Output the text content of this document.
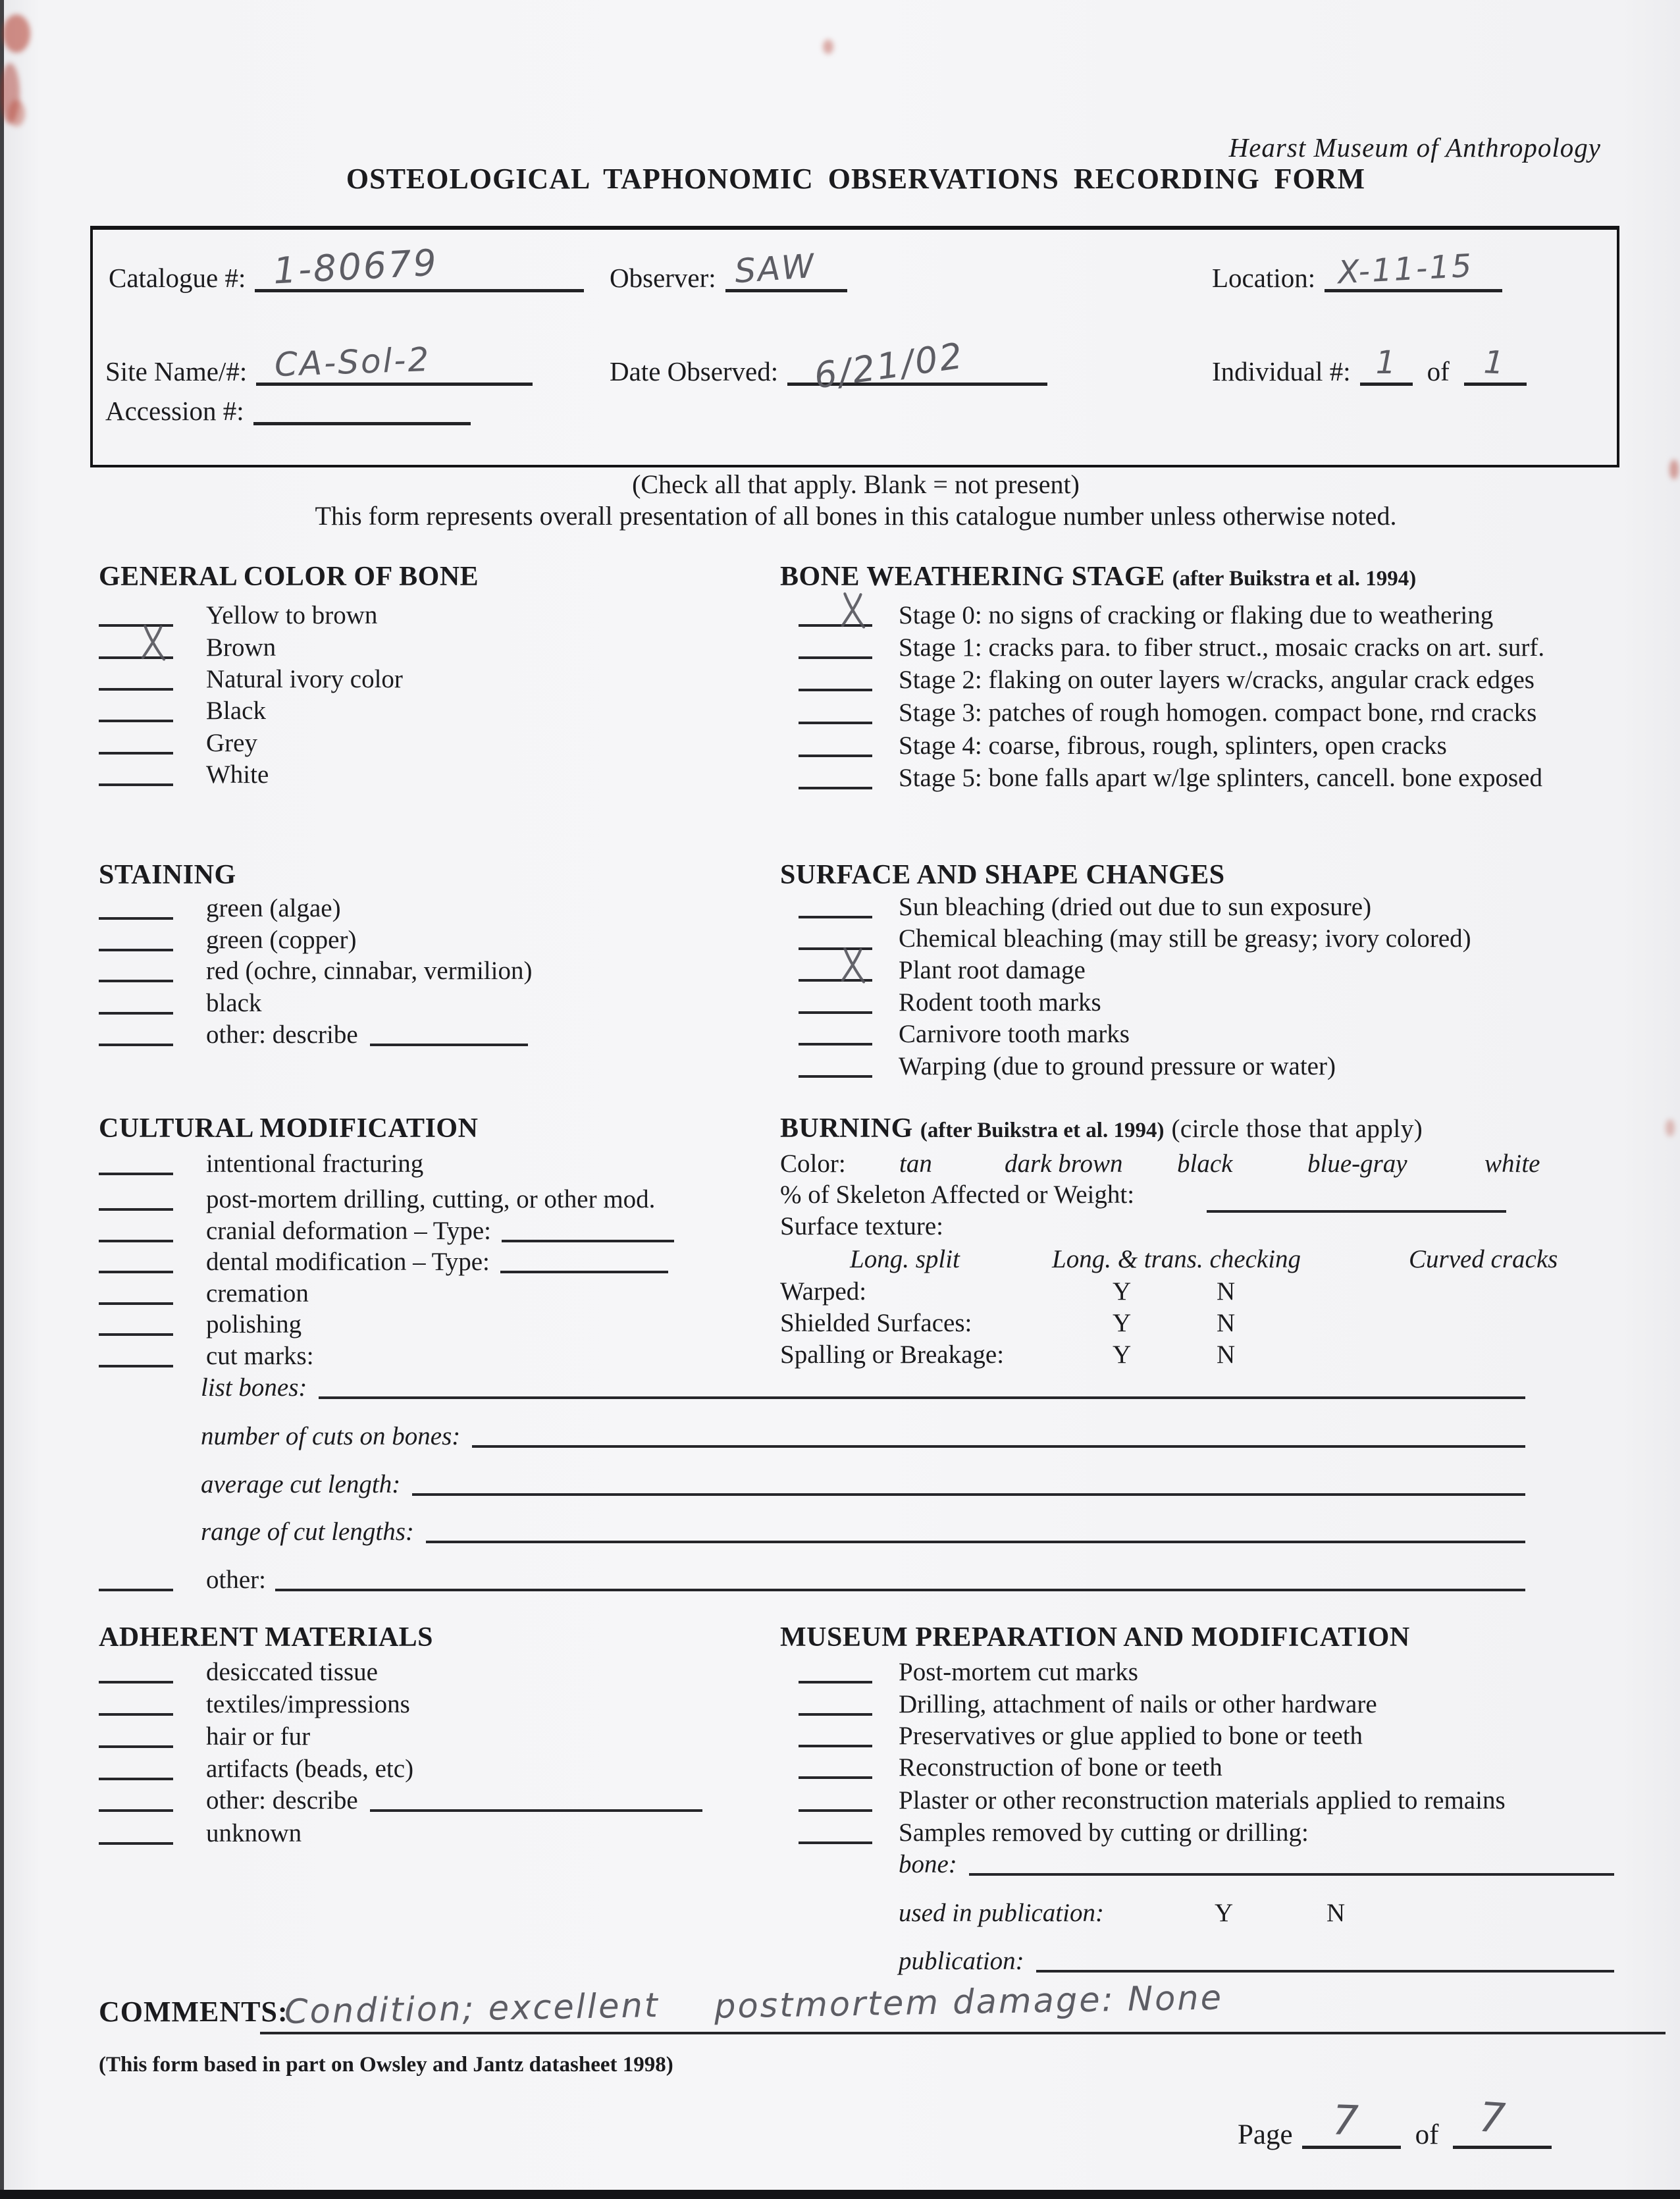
Hearst Museum of Anthropology
OSTEOLOGICAL TAPHONOMIC OBSERVATIONS RECORDING FORM
Catalogue #: 1-80679	Observer: SAW	Location: X-11-15
Site Name/#: CA-Sol-2	Date Observed: 6/21/02	Individual #: 1 of 1
Accession #:
(Check all that apply. Blank = not present)
This form represents overall presentation of all bones in this catalogue number unless otherwise noted.
GENERAL COLOR OF BONE
Yellow to brown
Brown
Natural ivory color
Black
Grey
White
BONE WEATHERING STAGE (after Buikstra et al. 1994)
Stage 0: no signs of cracking or flaking due to weathering
Stage 1: cracks para. to fiber struct., mosaic cracks on art. surf.
Stage 2: flaking on outer layers w/cracks, angular crack edges
Stage 3: patches of rough homogen. compact bone, rnd cracks
Stage 4: coarse, fibrous, rough, splinters, open cracks
Stage 5: bone falls apart w/lge splinters, cancell. bone exposed
STAINING
green (algae)
green (copper)
red (ochre, cinnabar, vermilion)
black
other: describe
SURFACE AND SHAPE CHANGES
Sun bleaching (dried out due to sun exposure)
Chemical bleaching (may still be greasy; ivory colored)
Plant root damage
Rodent tooth marks
Carnivore tooth marks
Warping (due to ground pressure or water)
CULTURAL MODIFICATION
intentional fracturing
post-mortem drilling, cutting, or other mod.
cranial deformation – Type:
dental modification – Type:
cremation
polishing
cut marks:
list bones:
number of cuts on bones:
average cut length:
range of cut lengths:
other:
BURNING (after Buikstra et al. 1994) (circle those that apply)
Color: tan	dark brown black	blue-gray	white
% of Skeleton Affected or Weight:
Surface texture:
Long. split	Long. & trans. checking	Curved cracks
Warped:	Y	N
Shielded Surfaces:	Y	N
Spalling or Breakage:	Y	N
ADHERENT MATERIALS
desiccated tissue
textiles/impressions
hair or fur
artifacts (beads, etc)
other: describe
unknown
MUSEUM PREPARATION AND MODIFICATION
Post-mortem cut marks
Drilling, attachment of nails or other hardware
Preservatives or glue applied to bone or teeth
Reconstruction of bone or teeth
Plaster or other reconstruction materials applied to remains
Samples removed by cutting or drilling:
bone:
used in publication:	Y	N
publication:
COMMENTS:
Condition; excellent postmortem damage: None
(This form based in part on Owsley and Jantz datasheet 1998)
Page 7 of 7
